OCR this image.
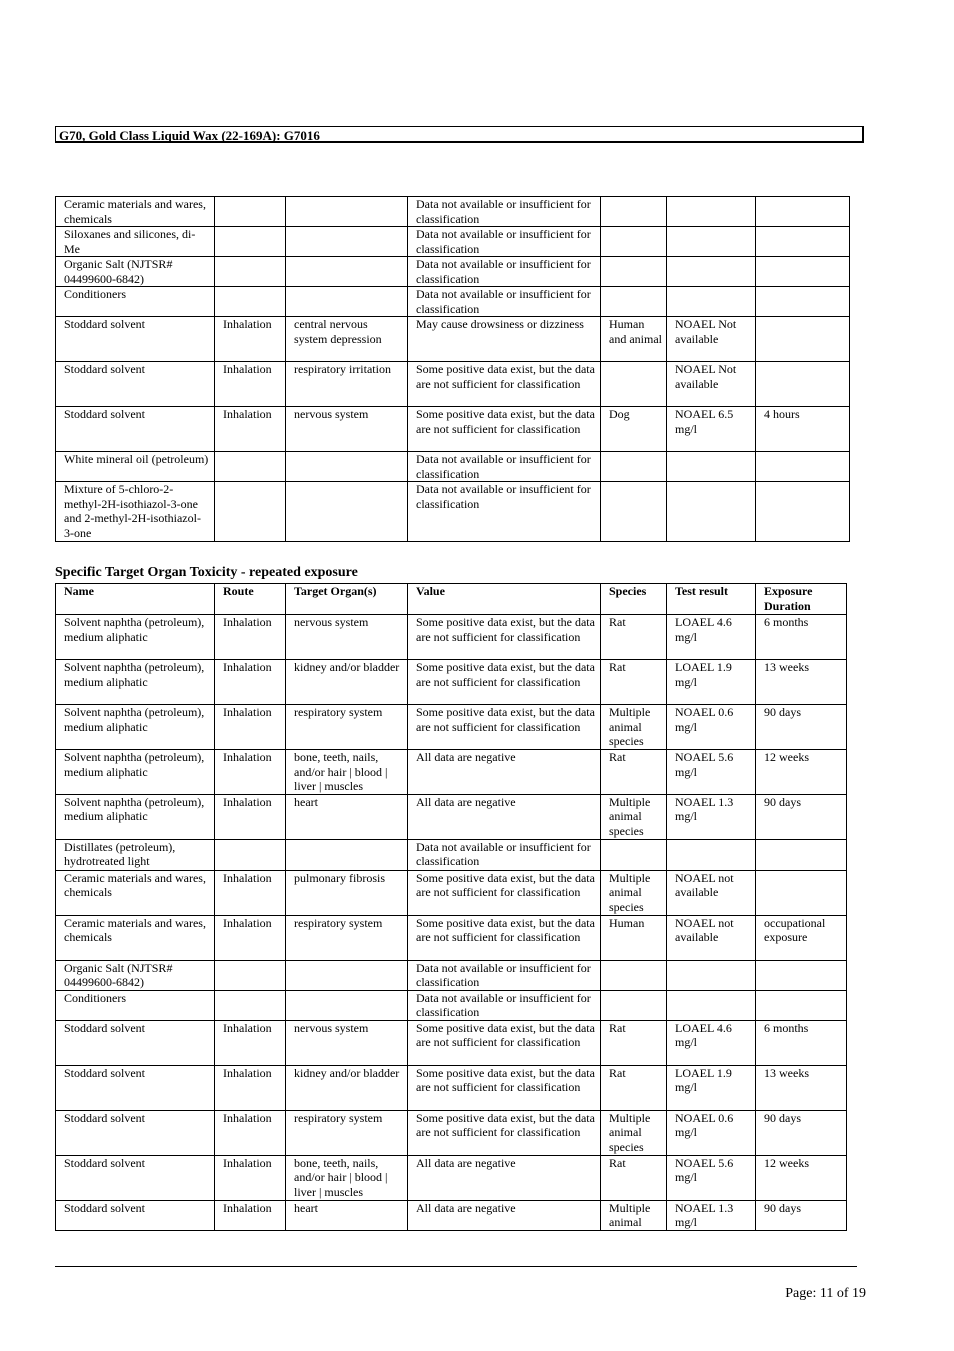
G70, Gold Class Liquid Wax (22-169A): G7016
Ceramic materials and wares, chemicals			Data not available or insufficient for classification			
Siloxanes and silicones, di-Me			Data not available or insufficient for classification			
Organic Salt (NJTSR# 04499600-6842)			Data not available or insufficient for classification			
Conditioners			Data not available or insufficient for classification			
Stoddard solvent	Inhalation	central nervous system depression	May cause drowsiness or dizziness	Human and animal	NOAEL Not available	
Stoddard solvent	Inhalation	respiratory irritation	Some positive data exist, but the data are not sufficient for classification		NOAEL Not available	
Stoddard solvent	Inhalation	nervous system	Some positive data exist, but the data are not sufficient for classification	Dog	NOAEL 6.5 mg/l	4 hours
White mineral oil (petroleum)			Data not available or insufficient for classification			
Mixture of 5-chloro-2-methyl-2H-isothiazol-3-one and 2-methyl-2H-isothiazol-3-one			Data not available or insufficient for classification			
Specific Target Organ Toxicity - repeated exposure
Name	Route	Target Organ(s)	Value	Species	Test result	Exposure Duration
Solvent naphtha (petroleum), medium aliphatic	Inhalation	nervous system	Some positive data exist, but the data are not sufficient for classification	Rat	LOAEL 4.6 mg/l	6 months
Solvent naphtha (petroleum), medium aliphatic	Inhalation	kidney and/or bladder	Some positive data exist, but the data are not sufficient for classification	Rat	LOAEL 1.9 mg/l	13 weeks
Solvent naphtha (petroleum), medium aliphatic	Inhalation	respiratory system	Some positive data exist, but the data are not sufficient for classification	Multiple animal species	NOAEL 0.6 mg/l	90 days
Solvent naphtha (petroleum), medium aliphatic	Inhalation	bone, teeth, nails, and/or hair | blood | liver | muscles	All data are negative	Rat	NOAEL 5.6 mg/l	12 weeks
Solvent naphtha (petroleum), medium aliphatic	Inhalation	heart	All data are negative	Multiple animal species	NOAEL 1.3 mg/l	90 days
Distillates (petroleum), hydrotreated light			Data not available or insufficient for classification			
Ceramic materials and wares, chemicals	Inhalation	pulmonary fibrosis	Some positive data exist, but the data are not sufficient for classification	Multiple animal species	NOAEL not available	
Ceramic materials and wares, chemicals	Inhalation	respiratory system	Some positive data exist, but the data are not sufficient for classification	Human	NOAEL not available	occupational exposure
Organic Salt (NJTSR# 04499600-6842)			Data not available or insufficient for classification			
Conditioners			Data not available or insufficient for classification			
Stoddard solvent	Inhalation	nervous system	Some positive data exist, but the data are not sufficient for classification	Rat	LOAEL 4.6 mg/l	6 months
Stoddard solvent	Inhalation	kidney and/or bladder	Some positive data exist, but the data are not sufficient for classification	Rat	LOAEL 1.9 mg/l	13 weeks
Stoddard solvent	Inhalation	respiratory system	Some positive data exist, but the data are not sufficient for classification	Multiple animal species	NOAEL 0.6 mg/l	90 days
Stoddard solvent	Inhalation	bone, teeth, nails, and/or hair | blood | liver | muscles	All data are negative	Rat	NOAEL 5.6 mg/l	12 weeks
Stoddard solvent	Inhalation	heart	All data are negative	Multiple animal	NOAEL 1.3 mg/l	90 days
Page: 11 of 19
